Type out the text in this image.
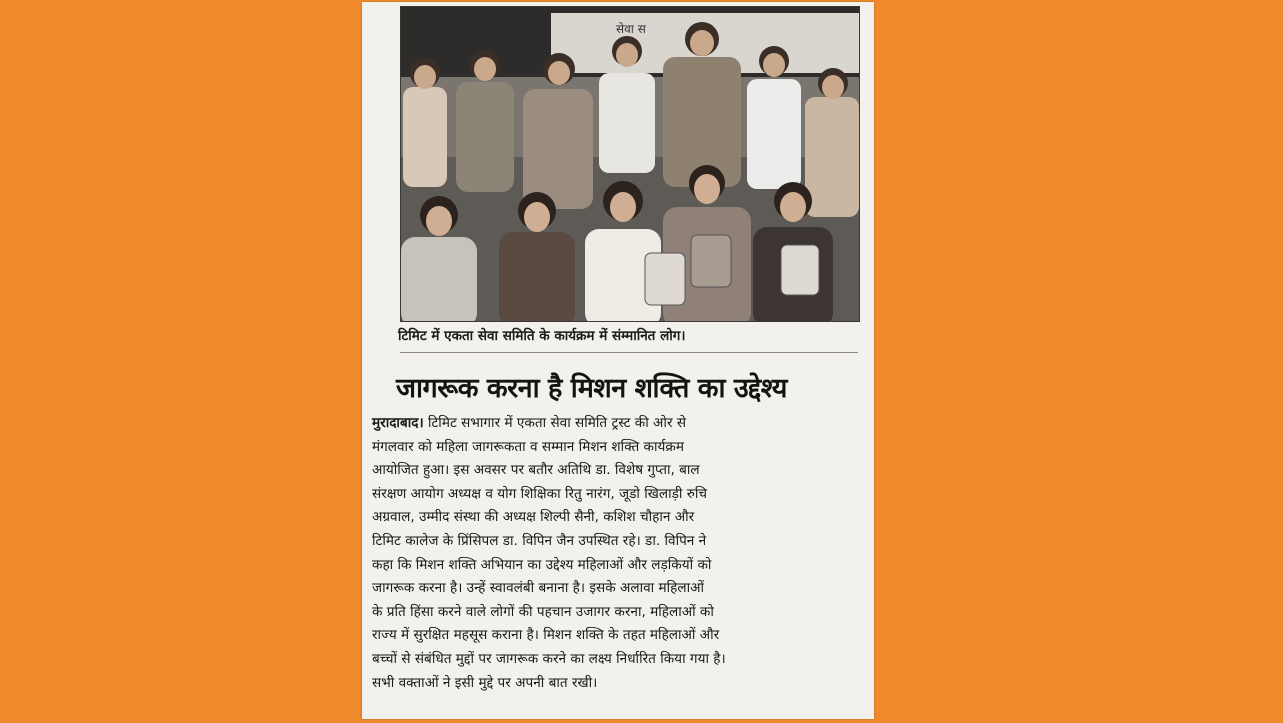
सेवा स
टिमिट में एकता सेवा समिति के कार्यक्रम में संम्मानित लोग।
जागरूक करना है मिशन शक्ति का उद्देश्य
मुरादाबाद। टिमिट सभागार में एकता सेवा समिति ट्रस्ट की ओर से
मंगलवार को महिला जागरूकता व सम्मान मिशन शक्ति कार्यक्रम
आयोजित हुआ। इस अवसर पर बतौर अतिथि डा. विशेष गुप्ता, बाल
संरक्षण आयोग अध्यक्ष व योग शिक्षिका रितु नारंग, जूडो खिलाड़ी रुचि
अग्रवाल, उम्मीद संस्था की अध्यक्ष शिल्पी सैनी, कशिश चौहान और
टिमिट कालेज के प्रिंसिपल डा. विपिन जैन उपस्थित रहे। डा. विपिन ने
कहा कि मिशन शक्ति अभियान का उद्देश्य महिलाओं और लड़कियों को
जागरूक करना है। उन्हें स्वावलंबी बनाना है। इसके अलावा महिलाओं
के प्रति हिंसा करने वाले लोगों की पहचान उजागर करना, महिलाओं को
राज्य में सुरक्षित महसूस कराना है। मिशन शक्ति के तहत महिलाओं और
बच्चों से संबंधित मुद्दों पर जागरूक करने का लक्ष्य निर्धारित किया गया है।
सभी वक्ताओं ने इसी मुद्दे पर अपनी बात रखी।
